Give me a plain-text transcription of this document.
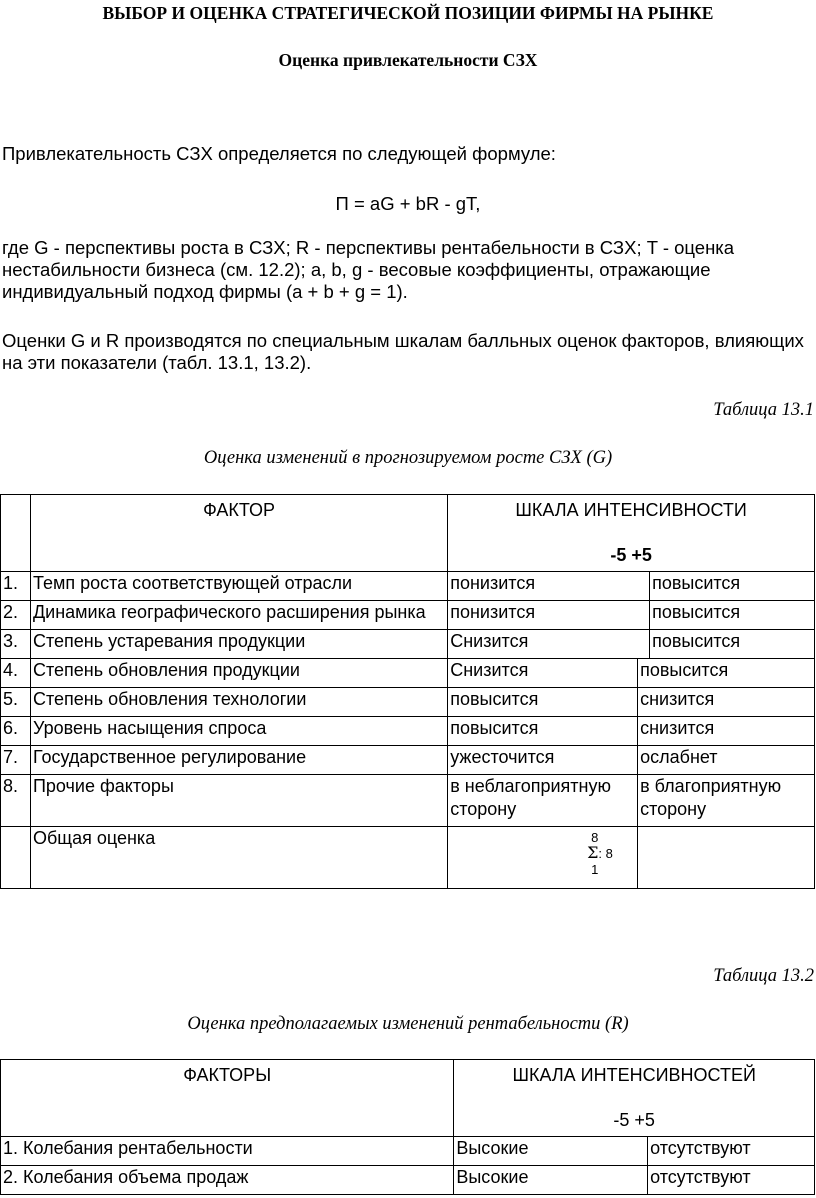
ВЫБОР И ОЦЕНКА СТРАТЕГИЧЕСКОЙ ПОЗИЦИИ ФИРМЫ НА РЫНКЕ
Оценка привлекательности СЗХ
Привлекательность СЗХ определяется по следующей формуле:
П = aG + bR - gT,
где G - перспективы роста в СЗХ; R - перспективы рентабельности в СЗХ; T - оценка нестабильности бизнеса (см. 12.2); a, b, g - весовые коэффициенты, отражающие индивидуальный подход фирмы (a + b + g = 1).
Оценки G и R производятся по специальным шкалам балльных оценок факторов, влияющих на эти показатели (табл. 13.1, 13.2).
Таблица 13.1
Оценка изменений в прогнозируемом росте СЗХ (G)
	ФАКТОР	ШКАЛА ИНТЕНСИВНОСТИ
-5 +5		

1.	Темп роста соответствующей отрасли	понизится		повысится
2.	Динамика географического расширения рынка	понизится		повысится
3.	Степень устаревания продукции	Снизится		повысится
4.	Степень обновления продукции	Снизится	повысится	
5.	Степень обновления технологии	повысится	снизится	
6.	Уровень насыщения спроса	повысится	снизится	
7.	Государственное регулирование	ужесточится	ослабнет	
8.	Прочие факторы	в неблагоприятную сторону	в благоприятную сторону	
	Общая оценка	8
Σ: 8
1		

Таблица 13.2
Оценка предполагаемых изменений рентабельности (R)
ФАКТОРЫ	ШКАЛА ИНТЕНСИВНОСТЕЙ
-5 +5	

1. Колебания рентабельности	Высокие	отсутствуют
2. Колебания объема продаж	Высокие	отсутствуют
